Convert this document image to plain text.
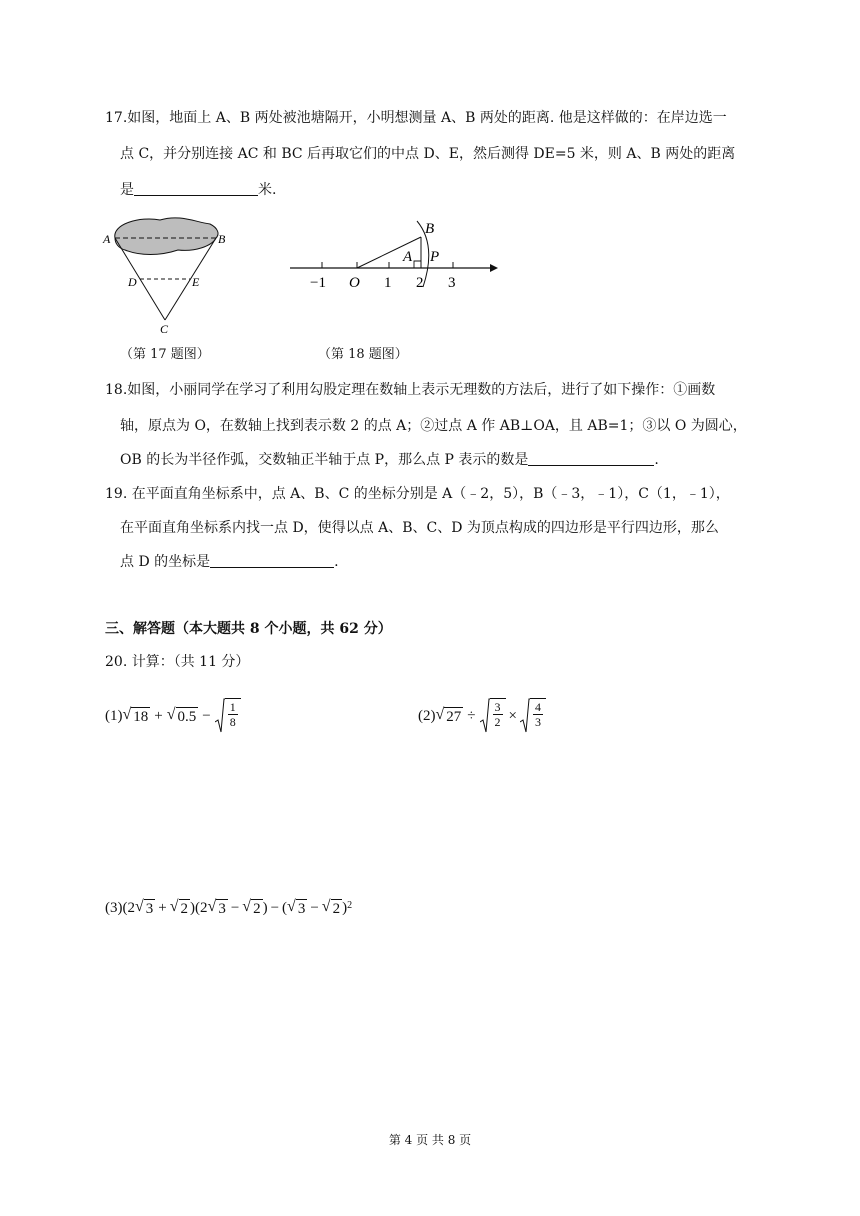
17.如图，地面上 A、B 两处被池塘隔开，小明想测量 A、B 两处的距离. 他是这样做的：在岸边选一
点 C，并分别连接 AC 和 BC 后再取它们的中点 D、E，然后测得 DE=5 米，则 A、B 两处的距离
是	米.
A	B
D	E
C
B
A P
−1 O 1 2 3
（第 17 题图）	（第 18 题图）
18.如图，小丽同学在学习了利用勾股定理在数轴上表示无理数的方法后，进行了如下操作：①画数
轴，原点为 O，在数轴上找到表示数 2 的点 A；②过点 A 作 AB⊥OA，且 AB=1；③以 O 为圆心，
OB 的长为半径作弧，交数轴正半轴于点 P，那么点 P 表示的数是	.
19. 在平面直角坐标系中，点 A、B、C 的坐标分别是 A（﹣2，5），B（﹣3，﹣1），C（1，﹣1），
在平面直角坐标系内找一点 D，使得以点 A、B、C、D 为顶点构成的四边形是平行四边形，那么
点 D 的坐标是	.
三、解答题（本大题共 8 个小题，共 62 分）
20. 计算：（共 11 分）
(1) √ 18 + √ $0.5 - \frac{1}{8}$	(2) √ $27 \div \frac{3}{2} \times \frac{4}{3}$
(3) (2 √ 3 + √ 2 )(2 √ 3 − √ 2 ) − ( √ 3 − √ 2 ) 2
第 4 页 共 8 页
